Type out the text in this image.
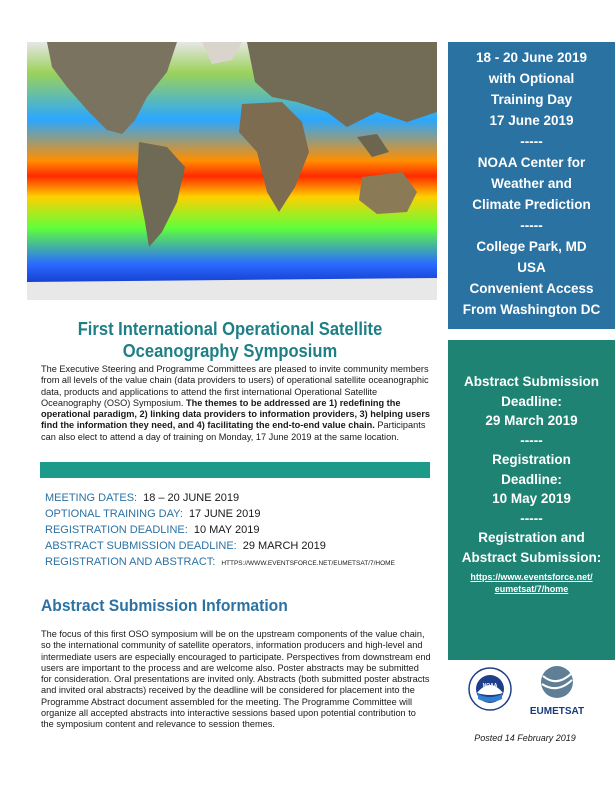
First International Operational Satellite
Oceanography Symposium
The Executive Steering and Programme Committees are pleased to invite community members from all levels of the value chain (data providers to users) of operational satellite oceanographic data, products and applications to attend the first international Operational Satellite Oceanography (OSO) Symposium. The themes to be addressed are 1) redefining the operational paradigm, 2) linking data providers to information providers, 3) helping users find the information they need, and 4) facilitating the end-to-end value chain. Participants can also elect to attend a day of training on Monday, 17 June 2019 at the same location.
MEETING DATES: 18 – 20 JUNE 2019
OPTIONAL TRAINING DAY: 17 JUNE 2019
REGISTRATION DEADLINE: 10 MAY 2019
ABSTRACT SUBMISSION DEADLINE: 29 MARCH 2019
REGISTRATION AND ABSTRACT: HTTPS://WWW.EVENTSFORCE.NET/EUMETSAT/7/HOME
Abstract Submission Information
The focus of this first OSO symposium will be on the upstream components of the value chain, so the international community of satellite operators, information producers and high-level and intermediate users are especially encouraged to participate. Perspectives from downstream end users are important to the process and are welcome also. Poster abstracts may be submitted for consideration. Oral presentations are invited only. Abstracts (both submitted poster abstracts and invited oral abstracts) received by the deadline will be considered for placement into the Programme Abstract document assembled for the meeting. The Programme Committee will organize all accepted abstracts into interactive sessions based upon potential contribution to the symposium content and relevance to session themes.
18 - 20 June 2019
with Optional
Training Day
17 June 2019
-----
NOAA Center for
Weather and
Climate Prediction
-----
College Park, MD
USA
Convenient Access
From Washington DC
Abstract Submission
Deadline:
29 March 2019
-----
Registration
Deadline:
10 May 2019
-----
Registration and
Abstract Submission:
https://www.eventsforce.net/
eumetsat/7/home
NOAA
EUMETSAT
Posted 14 February 2019
